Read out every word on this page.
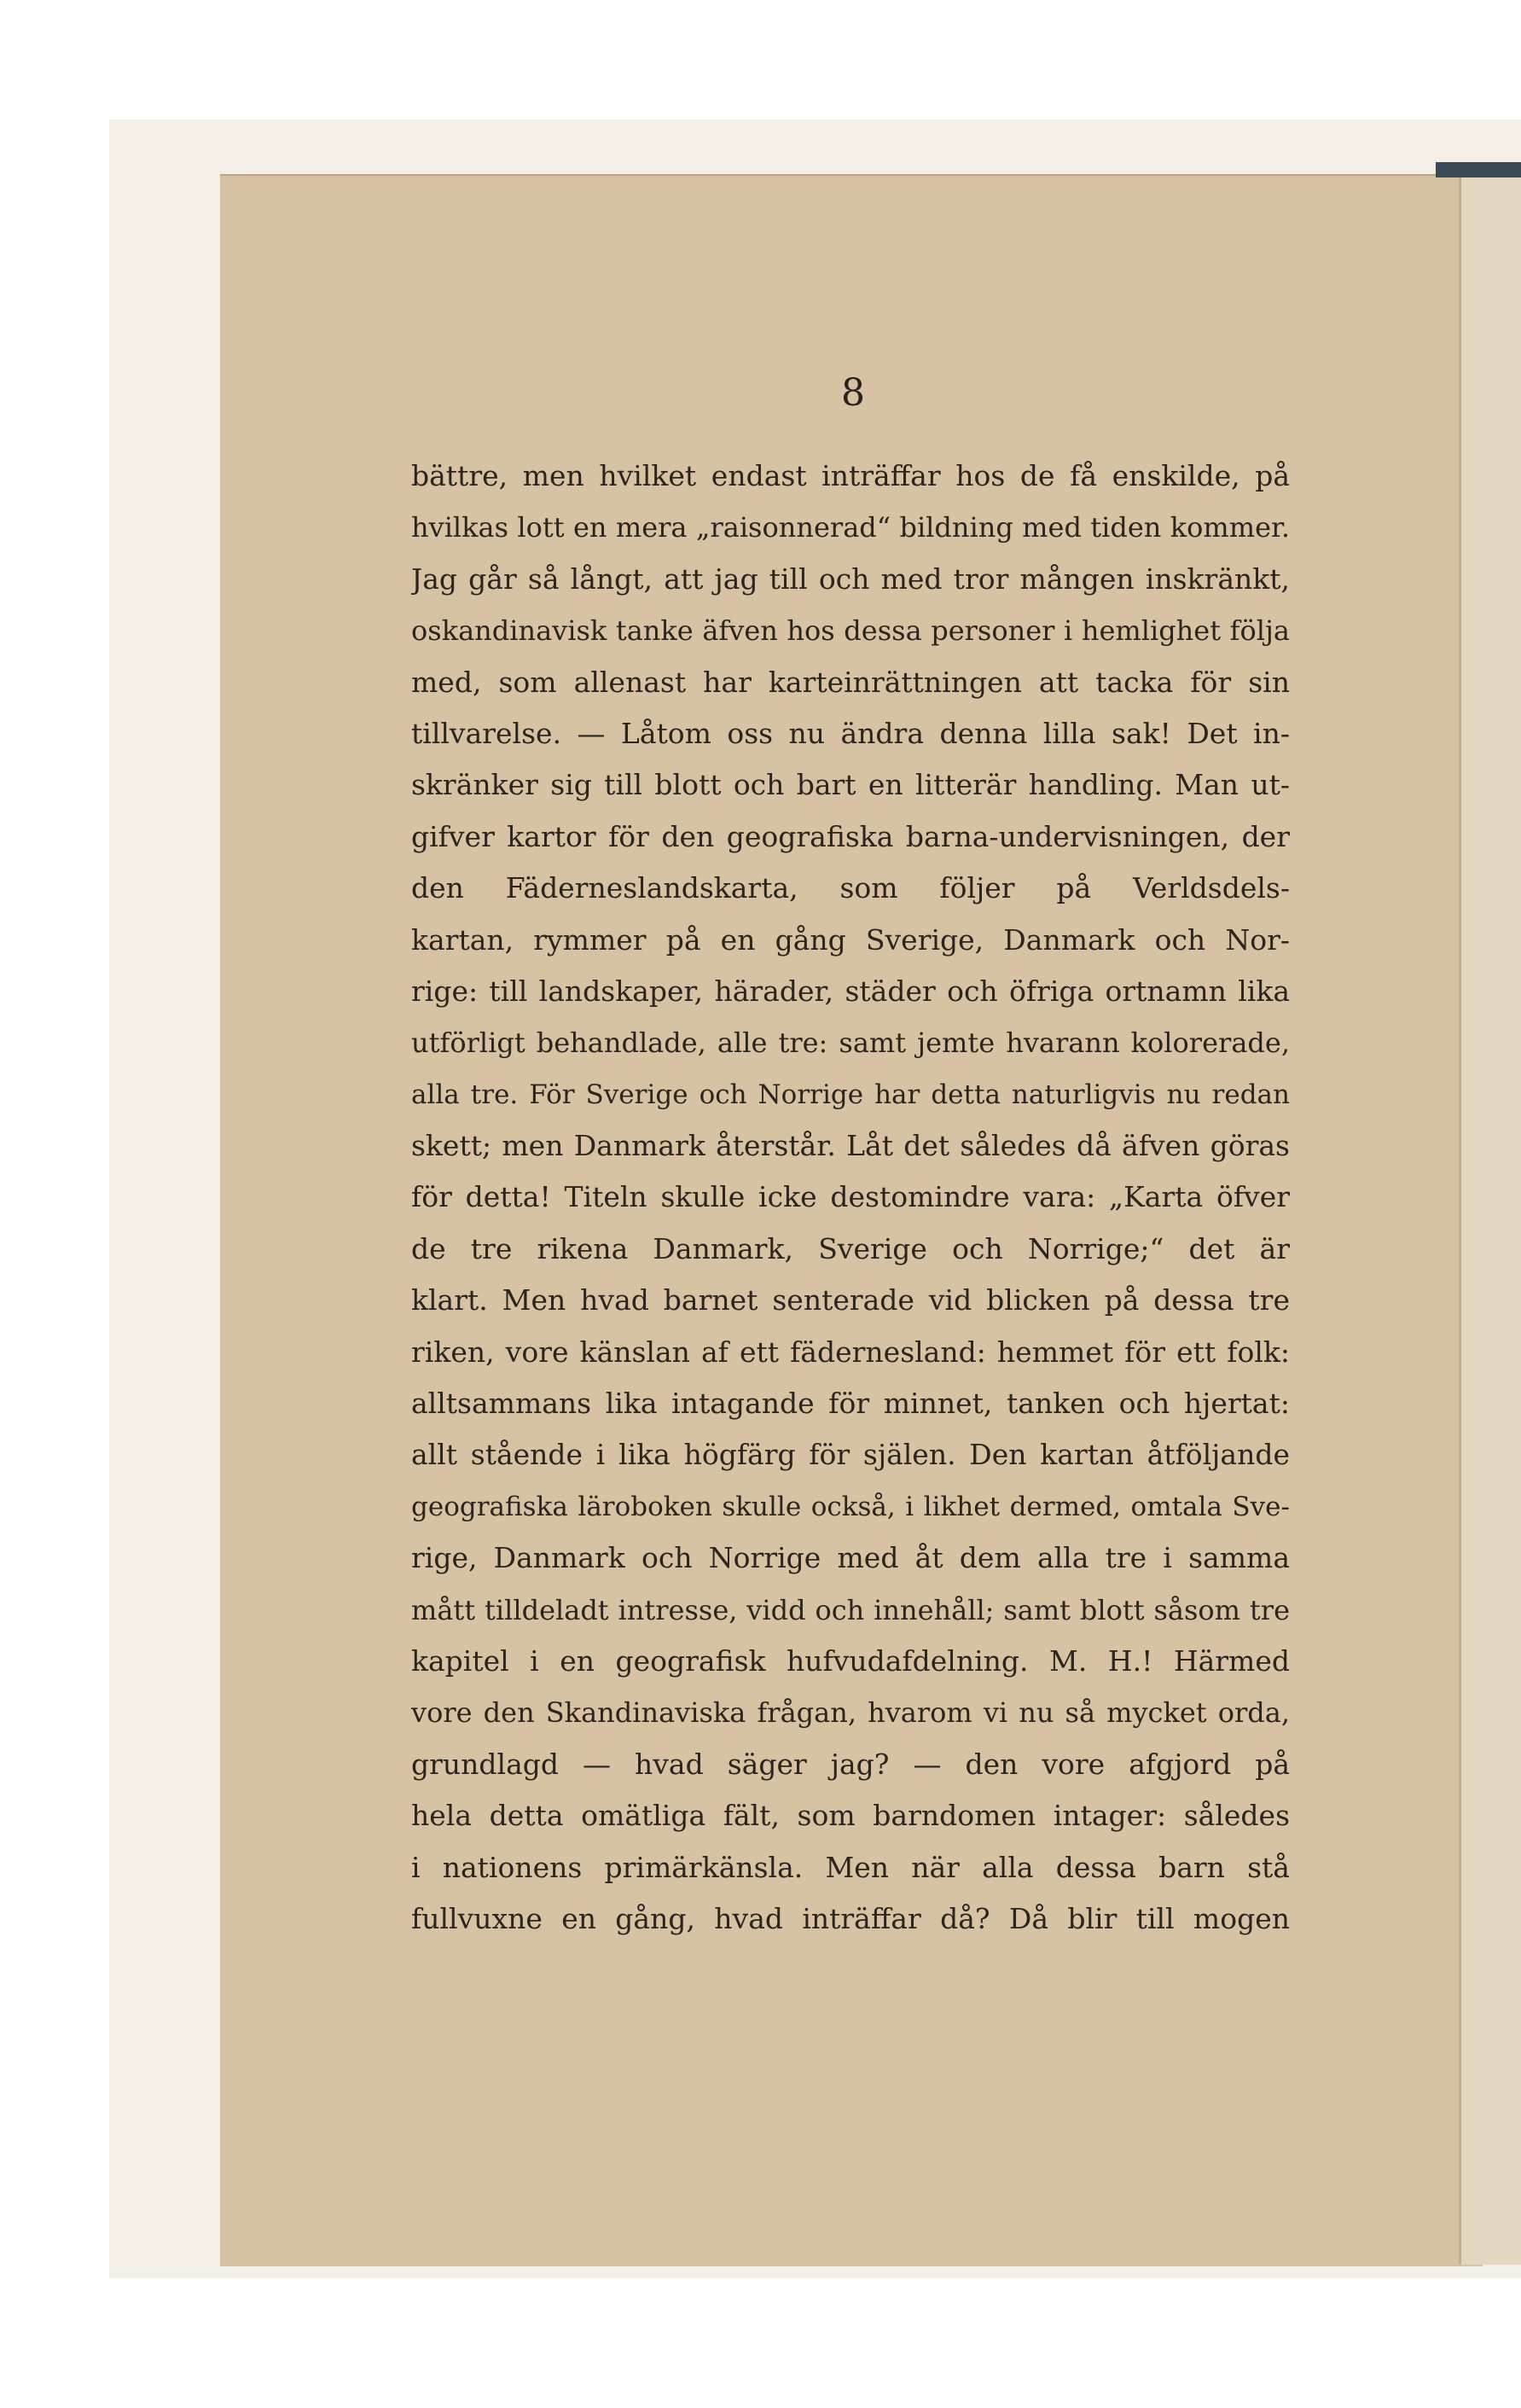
8
bättre, men hvilket endast inträffar hos de få enskilde, på
hvilkas lott en mera „raisonnerad“ bildning med tiden kommer.
Jag går så långt, att jag till och med tror mången inskränkt,
oskandinavisk tanke äfven hos dessa personer i hemlighet följa
med, som allenast har karteinrättningen att tacka för sin
tillvarelse. — Låtom oss nu ändra denna lilla sak! Det in-
skränker sig till blott och bart en litterär handling. Man ut-
gifver kartor för den geografiska barna-undervisningen, der
den Fäderneslandskarta, som följer på Verldsdels-
kartan, rymmer på en gång Sverige, Danmark och Nor-
rige: till landskaper, härader, städer och öfriga ortnamn lika
utförligt behandlade, alle tre: samt jemte hvarann kolorerade,
alla tre. För Sverige och Norrige har detta naturligvis nu redan
skett; men Danmark återstår. Låt det således då äfven göras
för detta! Titeln skulle icke destomindre vara: „Karta öfver
de tre rikena Danmark, Sverige och Norrige;“ det är
klart. Men hvad barnet senterade vid blicken på dessa tre
riken, vore känslan af ett fädernesland: hemmet för ett folk:
alltsammans lika intagande för minnet, tanken och hjertat:
allt stående i lika högfärg för själen. Den kartan åtföljande
geografiska läroboken skulle också, i likhet dermed, omtala Sve-
rige, Danmark och Norrige med åt dem alla tre i samma
mått tilldeladt intresse, vidd och innehåll; samt blott såsom tre
kapitel i en geografisk hufvudafdelning. M. H.! Härmed
vore den Skandinaviska frågan, hvarom vi nu så mycket orda,
grundlagd — hvad säger jag? — den vore afgjord på
hela detta omätliga fält, som barndomen intager: således
i nationens primärkänsla. Men när alla dessa barn stå
fullvuxne en gång, hvad inträffar då? Då blir till mogen
